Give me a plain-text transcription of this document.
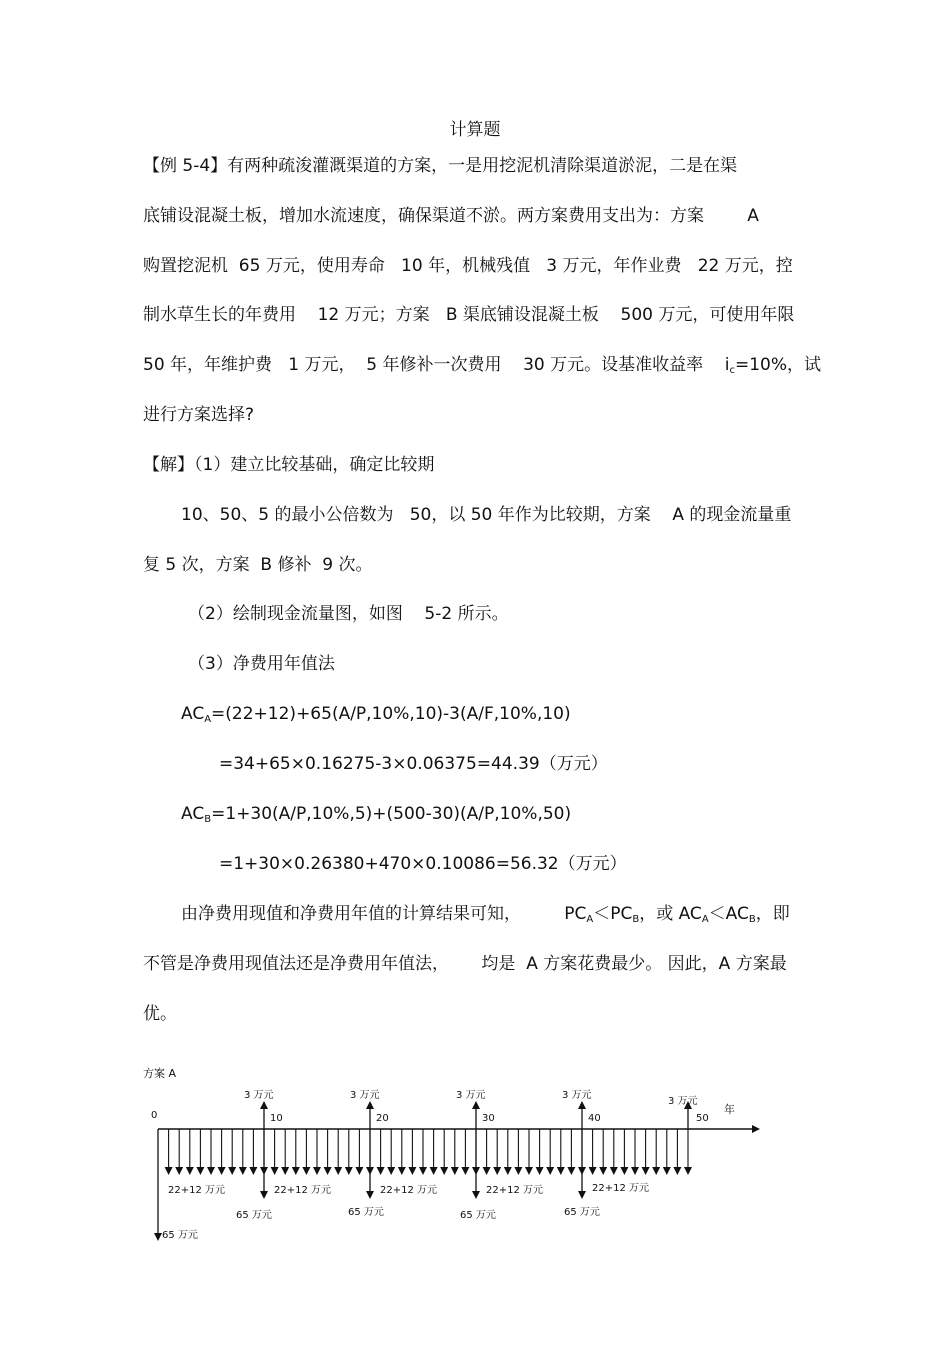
计算题
【例 5-4】有两种疏浚灌溉渠道的方案，一是用挖泥机清除渠道淤泥，二是在渠
底铺设混凝土板，增加水流速度，确保渠道不淤。两方案费用支出为：方案        A
购置挖泥机  65 万元，使用寿命   10 年，机械残值   3 万元，年作业费   22 万元，控
制水草生长的年费用    12 万元；方案   B 渠底铺设混凝土板    500 万元，可使用年限
50 年，年维护费   1 万元，  5 年修补一次费用    30 万元。设基准收益率    $i_c=10\%$，试
进行方案选择?
【解】（1）建立比较基础，确定比较期
10、50、5 的最小公倍数为   50，以 50 年作为比较期，方案    A 的现金流量重
复 5 次，方案  B 修补  9 次。
（2）绘制现金流量图，如图    5-2 所示。
（3）净费用年值法
$AC_A=(22+12)+65(A/P,10\%,10)-3(A/F,10\%,10)$
=34+65×0.16275-3×0.06375=44.39（万元）
$AC_B=1+30(A/P,10\%,5)+(500-30)(A/P,10\%,50)$
=1+30×0.26380+470×0.10086=56.32（万元）
由净费用现值和净费用年值的计算结果可知，        $PC_A<PC_B$，或 $AC_A<AC_B$，即
不管是净费用现值法还是净费用年值法，      均是  A 方案花费最少。 因此，A 方案最
优。
方案 A
0	年
65 万元
3 万元
10
65 万元
22+12 万元
3 万元
20
65 万元
22+12 万元
3 万元
30
65 万元
22+12 万元
3 万元
40
65 万元
22+12 万元
3 万元
50
22+12 万元
